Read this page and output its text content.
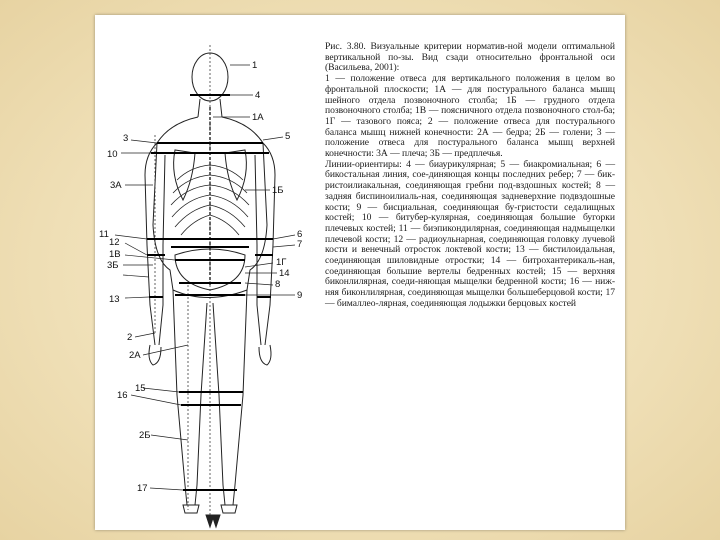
1
4
1А
3	5
10
3А	1Б
11	6
7
12
1В
1Г
3Б
14
8
9
13
2
2А
15
16
2Б
17

Рис. 3.80. Визуальные критерии норматив-ной модели оптимальной вертикальной по-зы. Вид сзади относительно фронтальной оси (Васильева, 2001):

1 — положение отвеса для вертикального положения в целом во фронтальной плоскости; 1А — для постурального баланса мышц шейного отдела позвоночного столба; 1Б — грудного отдела позвоночного столба; 1В — поясничного отдела позвоночного стол-ба; 1Г — тазового пояса; 2 — положение отвеса для постурального баланса мышц нижней конечности: 2А — бедра; 2Б — голени; 3 — положение отвеса для постурального баланса мышц верхней конечности: 3А — плеча; 3Б — предплечья.

Линии-ориентиры: 4 — биаурикулярная; 5 — биакромиальная; 6 — бикостальная линия, сое-диняющая концы последних ребер; 7 — бик-ристоилиакальная, соединяющая гребни под-вздошных костей; 8 — задняя биспиноилиаль-ная, соединяющая задневерхние подвздошные кости; 9 — бисциальная, соединяющая бу-гристости седалищных костей; 10 — битубер-кулярная, соединяющая большие бугорки плечевых костей; 11 — биэпикондилярная, соединяющая надмыщелки плечевой кости; 12 — радиоульнарная, соединяющая головку лучевой кости и венечный отросток локтевой кости; 13 — бистилоидальная, соединяющая шиловидные отростки; 14 — битрохантерикаль-ная, соединяющая большие вертелы бедренных костей; 15 — верхняя биконлилярная, соеди-няющая мыщелки бедренной кости; 16 — ниж-няя биконлилярная, соединяющая мыщелки большеберцовой кости; 17 — бималлео-лярная, соединяющая лодыжки берцовых костей
